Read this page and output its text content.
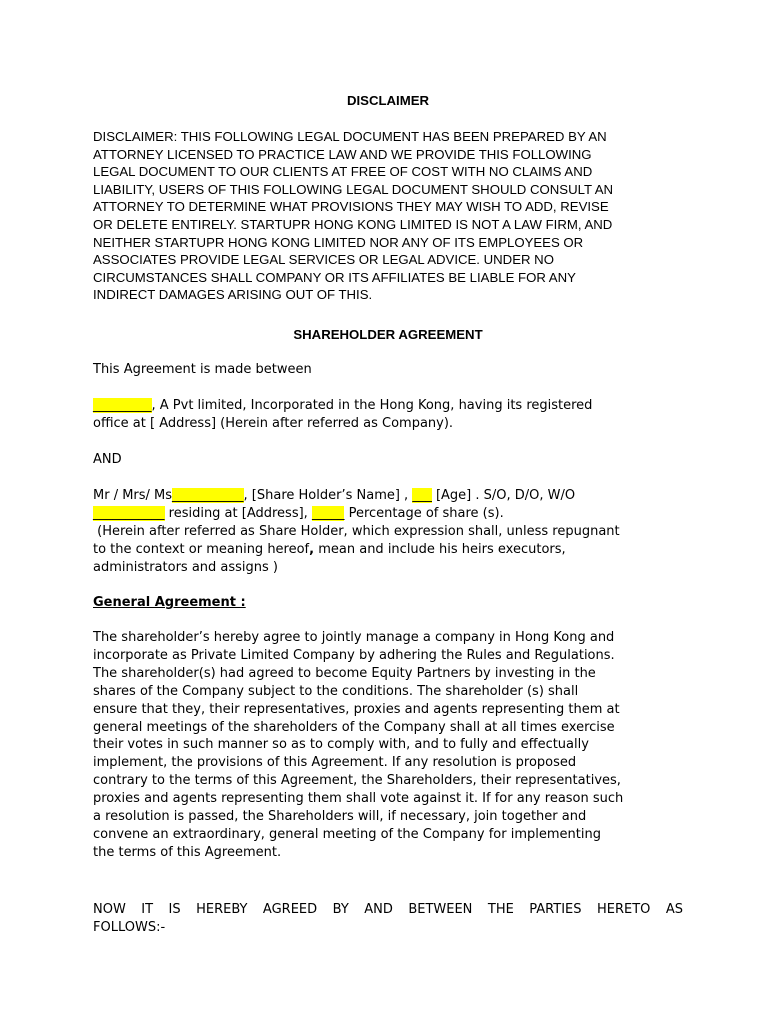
DISCLAIMER
DISCLAIMER: THIS FOLLOWING LEGAL DOCUMENT HAS BEEN PREPARED BY AN
ATTORNEY LICENSED TO PRACTICE LAW AND WE PROVIDE THIS FOLLOWING
LEGAL DOCUMENT TO OUR CLIENTS AT FREE OF COST WITH NO CLAIMS AND
LIABILITY, USERS OF THIS FOLLOWING LEGAL DOCUMENT SHOULD CONSULT AN
ATTORNEY TO DETERMINE WHAT PROVISIONS THEY MAY WISH TO ADD, REVISE
OR DELETE ENTIRELY. STARTUPR HONG KONG LIMITED IS NOT A LAW FIRM, AND
NEITHER STARTUPR HONG KONG LIMITED NOR ANY OF ITS EMPLOYEES OR
ASSOCIATES PROVIDE LEGAL SERVICES OR LEGAL ADVICE. UNDER NO
CIRCUMSTANCES SHALL COMPANY OR ITS AFFILIATES BE LIABLE FOR ANY
INDIRECT DAMAGES ARISING OUT OF THIS.
SHAREHOLDER AGREEMENT
This Agreement is made between
_________, A Pvt limited, Incorporated in the Hong Kong, having its registered
office at [ Address] (Herein after referred as Company).
AND
Mr / Mrs/ Ms___________, [Share Holder’s Name] , ___ [Age] . S/O, D/O, W/O
___________ residing at [Address], _____ Percentage of share (s).
(Herein after referred as Share Holder, which expression shall, unless repugnant
to the context or meaning hereof, mean and include his heirs executors,
administrators and assigns )
General Agreement :
The shareholder’s hereby agree to jointly manage a company in Hong Kong and
incorporate as Private Limited Company by adhering the Rules and Regulations.
The shareholder(s) had agreed to become Equity Partners by investing in the
shares of the Company subject to the conditions. The shareholder (s) shall
ensure that they, their representatives, proxies and agents representing them at
general meetings of the shareholders of the Company shall at all times exercise
their votes in such manner so as to comply with, and to fully and effectually
implement, the provisions of this Agreement. If any resolution is proposed
contrary to the terms of this Agreement, the Shareholders, their representatives,
proxies and agents representing them shall vote against it. If for any reason such
a resolution is passed, the Shareholders will, if necessary, join together and
convene an extraordinary, general meeting of the Company for implementing
the terms of this Agreement.
NOW IT IS HEREBY AGREED BY AND BETWEEN THE PARTIES HERETO AS
FOLLOWS:-
